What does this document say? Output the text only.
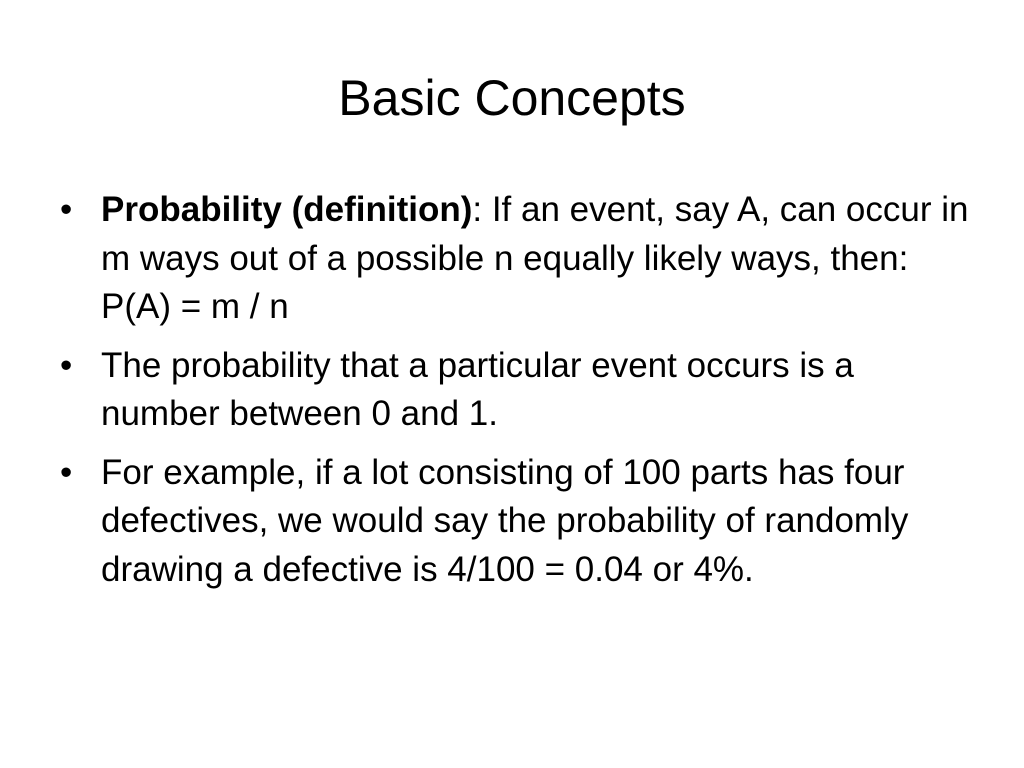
Basic Concepts
• Probability (definition): If an event, say A, can occur in m ways out of a possible n equally likely ways, then: P(A) = m / n
• The probability that a particular event occurs is a number between 0 and 1.
• For example, if a lot consisting of 100 parts has four defectives, we would say the probability of randomly drawing a defective is 4/100 = 0.04 or 4%.
